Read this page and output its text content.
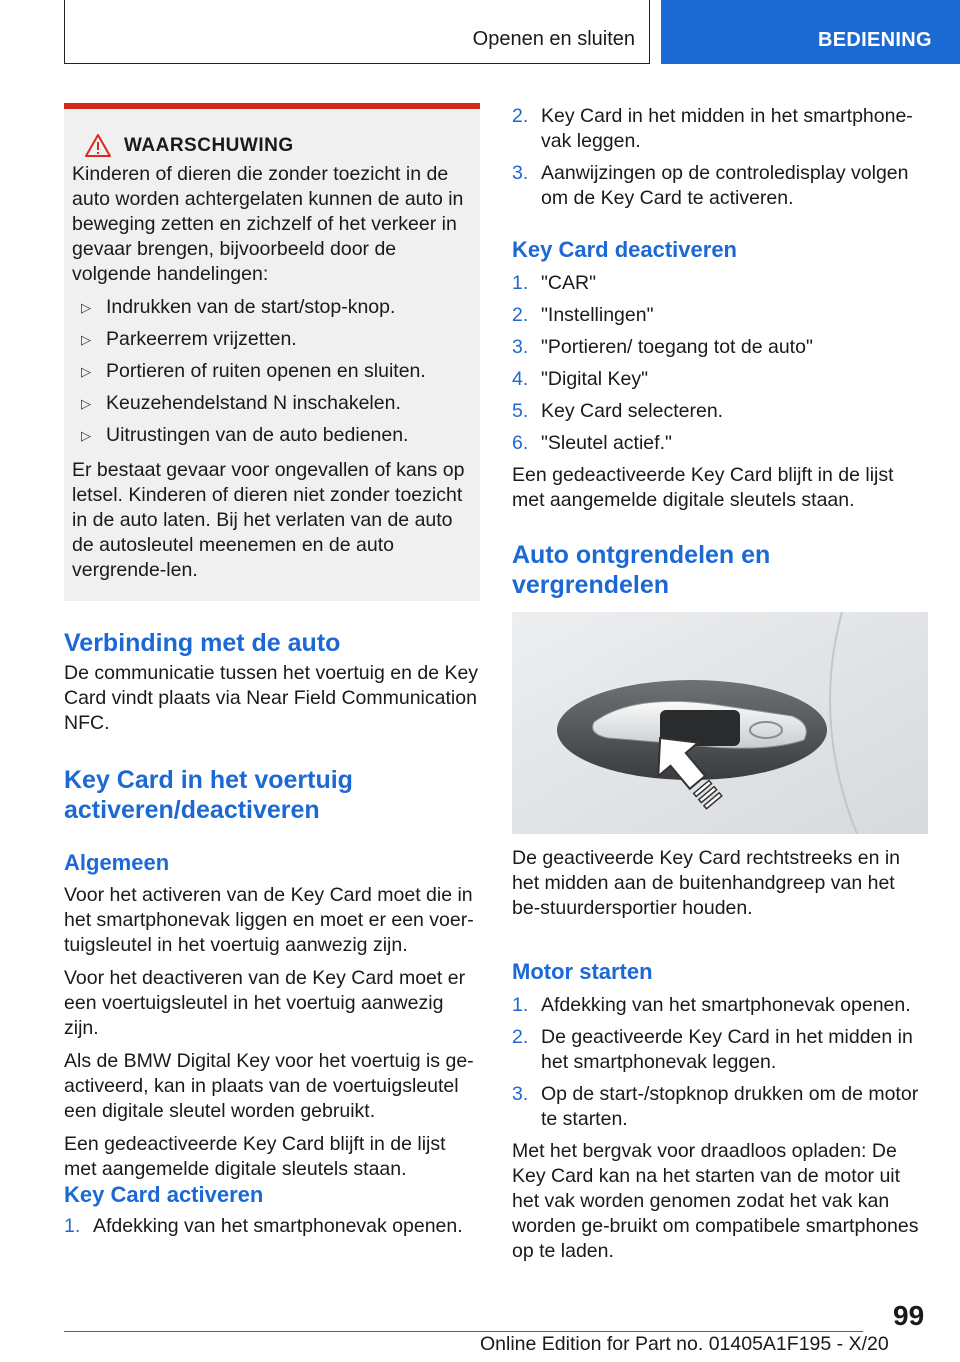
Openen en sluiten	BEDIENING
WAARSCHUWING

Kinderen of dieren die zonder toezicht in de auto worden achtergelaten kunnen de auto in beweging zetten en zichzelf of het verkeer in gevaar brengen, bijvoorbeeld door de volgende handelingen:

▷ Indrukken van de start/stop-knop.
▷ Parkeerrem vrijzetten.
▷ Portieren of ruiten openen en sluiten.
▷ Keuzehendelstand N inschakelen.
▷ Uitrustingen van de auto bedienen.

Er bestaat gevaar voor ongevallen of kans op letsel. Kinderen of dieren niet zonder toezicht in de auto laten. Bij het verlaten van de auto de autosleutel meenemen en de auto vergrende-len.

Verbinding met de auto

De communicatie tussen het voertuig en de Key Card vindt plaats via Near Field Communication NFC.

Key Card in het voertuig
activeren/deactiveren
Algemeen

Voor het activeren van de Key Card moet die in het smartphonevak liggen en moet er een voer-tuigsleutel in het voertuig aanwezig zijn.

Voor het deactiveren van de Key Card moet er een voertuigsleutel in het voertuig aanwezig zijn.

Als de BMW Digital Key voor het voertuig is ge-activeerd, kan in plaats van de voertuigsleutel een digitale sleutel worden gebruikt.

Een gedeactiveerde Key Card blijft in de lijst met aangemelde digitale sleutels staan.

Key Card activeren
1. Afdekking van het smartphonevak openen.
2. Key Card in het midden in het smartphone-vak leggen.
3. Aanwijzingen op de controledisplay volgen om de Key Card te activeren.
Key Card deactiveren
1. "CAR"
2. "Instellingen"
3. "Portieren/ toegang tot de auto"
4. "Digital Key"
5. Key Card selecteren.
6. "Sleutel actief."

Een gedeactiveerde Key Card blijft in de lijst met aangemelde digitale sleutels staan.

Auto ontgrendelen en
vergrendelen

De geactiveerde Key Card rechtstreeks en in het midden aan de buitenhandgreep van het be-stuurdersportier houden.

Motor starten
1. Afdekking van het smartphonevak openen.
2. De geactiveerde Key Card in het midden in het smartphonevak leggen.
3. Op de start-/stopknop drukken om de motor te starten.

Met het bergvak voor draadloos opladen: De Key Card kan na het starten van de motor uit het vak worden genomen zodat het vak kan worden ge-bruikt om compatibele smartphones op te laden.

99
Online Edition for Part no. 01405A1F195 - X/20
